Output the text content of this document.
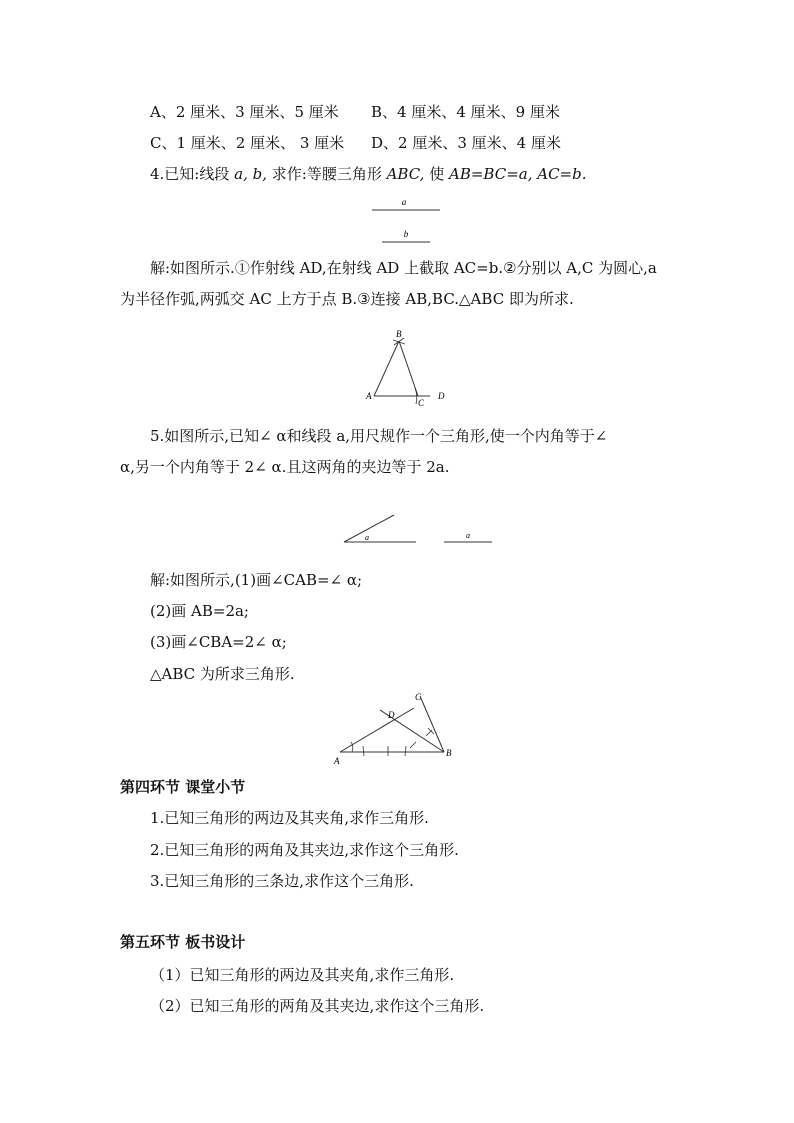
A、2 厘米、3 厘米、5 厘米 B、4 厘米、4 厘米、9 厘米
C、1 厘米、2 厘米、 3 厘米 D、2 厘米、3 厘米、4 厘米
4.已知:线段 a, b, 求作:等腰三角形 ABC, 使 AB=BC=a, AC=b.
a
b
解:如图所示.①作射线 AD,在射线 AD 上截取 AC=b.②分别以 A,C 为圆心,a
为半径作弧,两弧交 AC 上方于点 B.③连接 AB,BC.△ABC 即为所求.
B
A
C
D
5.如图所示,已知∠ α和线段 a,用尺规作一个三角形,使一个内角等于∠
α,另一个内角等于 2∠ α.且这两角的夹边等于 2a.
a	a
解:如图所示,(1)画∠CAB=∠ α;
(2)画 AB=2a;
(3)画∠CBA=2∠ α;
△ABC 为所求三角形.
A
B
C
D
第四环节 课堂小节
1.已知三角形的两边及其夹角,求作三角形.
2.已知三角形的两角及其夹边,求作这个三角形.
3.已知三角形的三条边,求作这个三角形.
第五环节 板书设计
（1）已知三角形的两边及其夹角,求作三角形.
（2）已知三角形的两角及其夹边,求作这个三角形.
